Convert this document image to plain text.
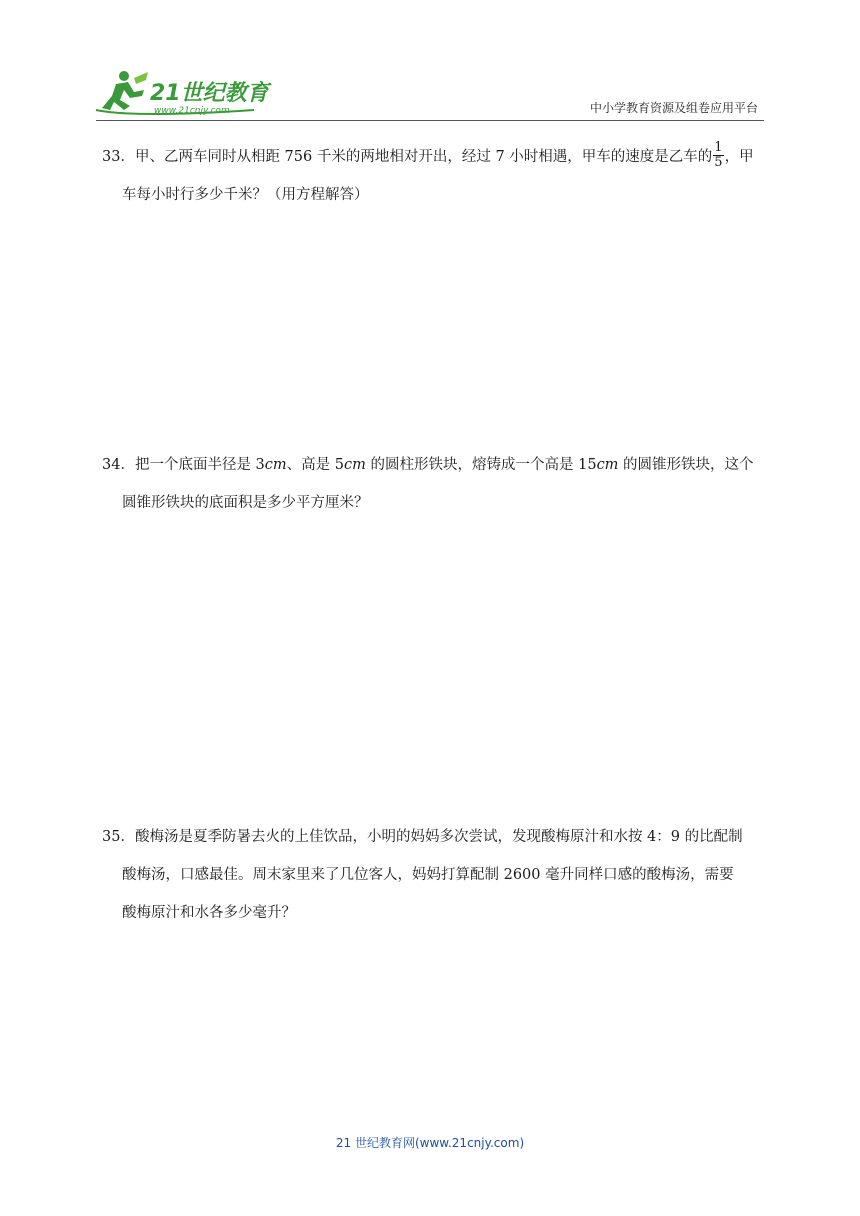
21世纪教育
www.21cnjy.com	中小学教育资源及组卷应用平台

33．甲、乙两车同时从相距 756 千米的两地相对开出，经过 7 小时相遇，甲车的速度是乙车的 $\frac{1}{5}$ ，甲

车每小时行多少千米？（用方程解答）

34．把一个底面半径是 3cm、高是 5cm 的圆柱形铁块，熔铸成一个高是 15cm 的圆锥形铁块，这个

圆锥形铁块的底面积是多少平方厘米？

35．酸梅汤是夏季防暑去火的上佳饮品，小明的妈妈多次尝试，发现酸梅原汁和水按 4：9 的比配制

酸梅汤，口感最佳。周末家里来了几位客人，妈妈打算配制 2600 毫升同样口感的酸梅汤，需要

酸梅原汁和水各多少毫升？

21 世纪教育网(www.21cnjy.com)
